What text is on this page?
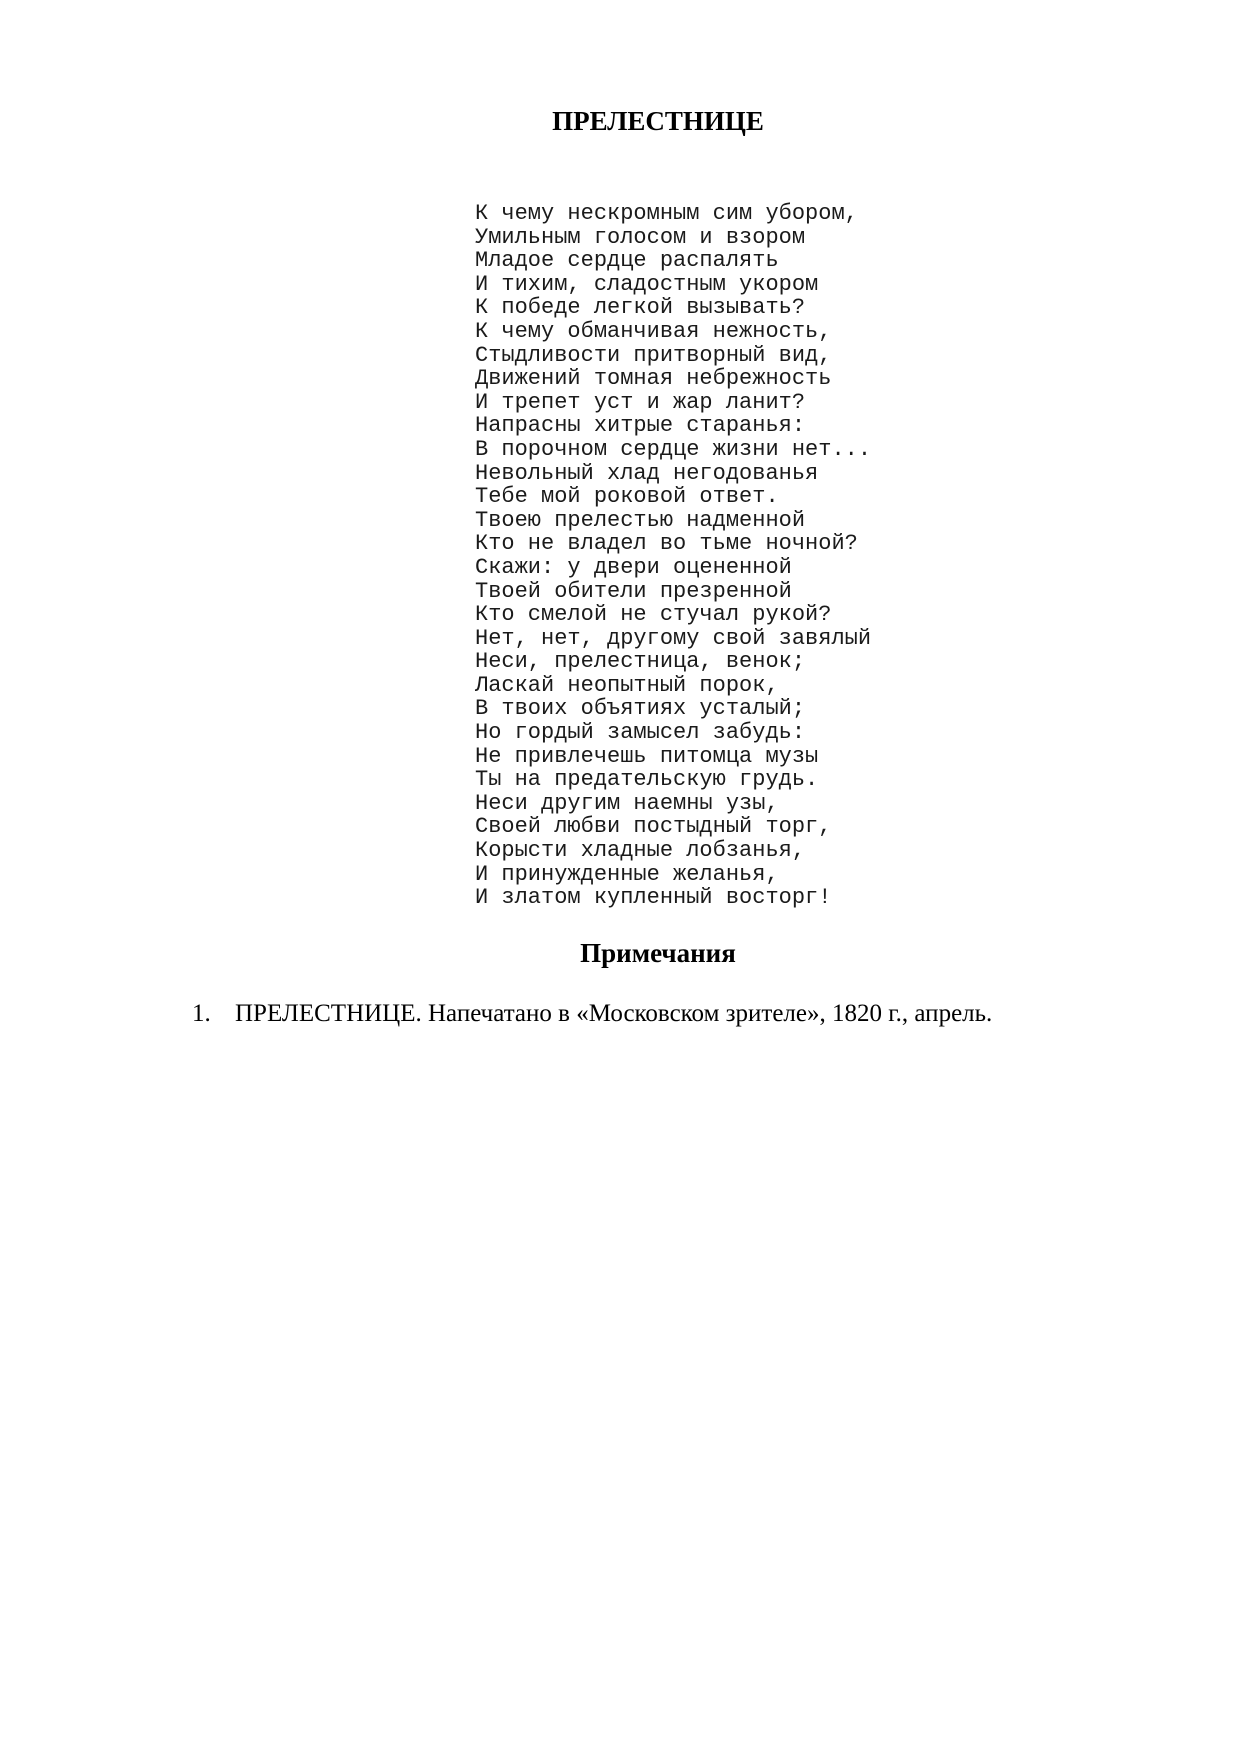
ПРЕЛЕСТНИЦЕ
К чему нескромным сим убором,
Умильным голосом и взором
Младое сердце распалять
И тихим, сладостным укором
К победе легкой вызывать?
К чему обманчивая нежность,
Стыдливости притворный вид,
Движений томная небрежность
И трепет уст и жар ланит?
Напрасны хитрые старанья:
В порочном сердце жизни нет...
Невольный хлад негодованья
Тебе мой роковой ответ.
Твоею прелестью надменной
Кто не владел во тьме ночной?
Скажи: у двери оцененной
Твоей обители презренной
Кто смелой не стучал рукой?
Нет, нет, другому свой завялый
Неси, прелестница, венок;
Ласкай неопытный порок,
В твоих объятиях усталый;
Но гордый замысел забудь:
Не привлечешь питомца музы
Ты на предательскую грудь.
Неси другим наемны узы,
Своей любви постыдный торг,
Корысти хладные лобзанья,
И принужденные желанья,
И златом купленный восторг!
Примечания
1. ПРЕЛЕСТНИЦЕ. Напечатано в «Московском зрителе», 1820 г., апрель.
